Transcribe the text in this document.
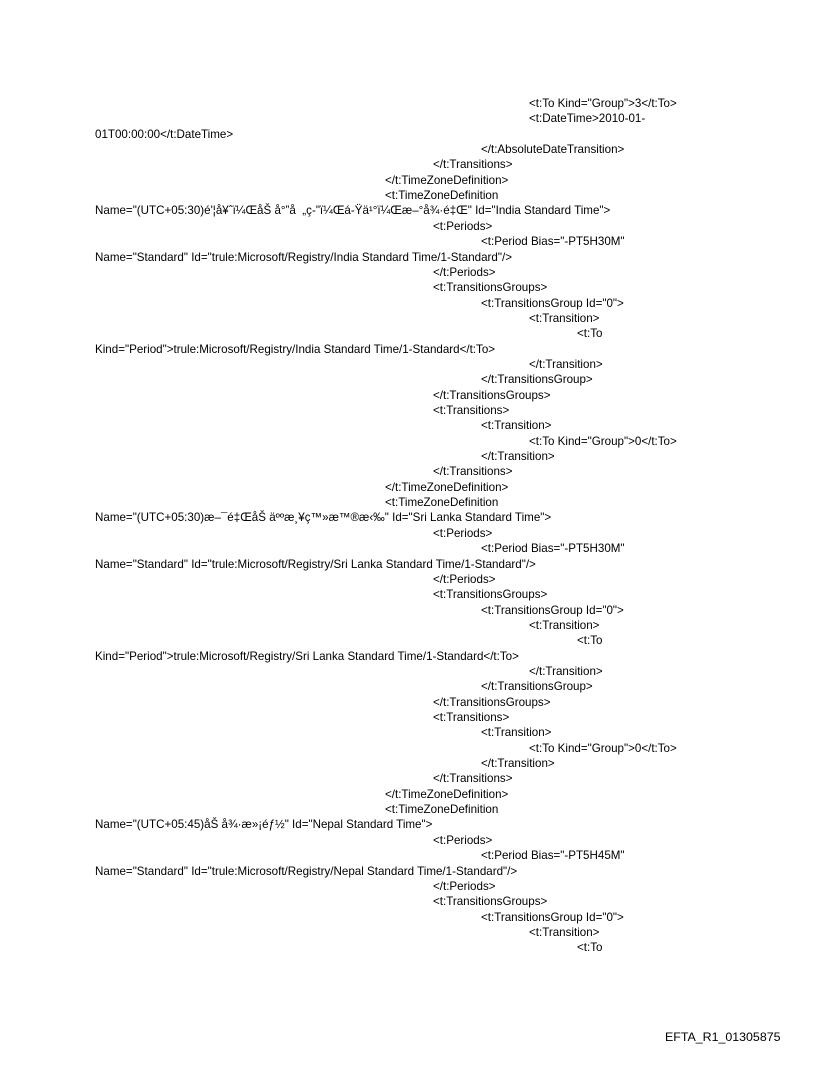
<t:To Kind="Group">3</t:To>
<t:DateTime>2010-01-
01T00:00:00</t:DateTime>
</t:AbsoluteDateTransition>
</t:Transitions>
</t:TimeZoneDefinition>
<t:TimeZoneDefinition
Name="(UTC+05:30)é'¦å¥ˆï¼ŒåŠ å°”å  „ç-"ï¼Œá-Ÿä¹°ï¼Œæ–°å¾·é‡Œ" Id="India Standard Time">
<t:Periods>
<t:Period Bias="-PT5H30M"
Name="Standard" Id="trule:Microsoft/Registry/India Standard Time/1-Standard"/>
</t:Periods>
<t:TransitionsGroups>
<t:TransitionsGroup Id="0">
<t:Transition>
<t:To
Kind="Period">trule:Microsoft/Registry/India Standard Time/1-Standard</t:To>
</t:Transition>
</t:TransitionsGroup>
</t:TransitionsGroups>
<t:Transitions>
<t:Transition>
<t:To Kind="Group">0</t:To>
</t:Transition>
</t:Transitions>
</t:TimeZoneDefinition>
<t:TimeZoneDefinition
Name="(UTC+05:30)æ–¯é‡ŒåŠ äººæ¸¥ç™»æ™®æ‹‰" Id="Sri Lanka Standard Time">
<t:Periods>
<t:Period Bias="-PT5H30M"
Name="Standard" Id="trule:Microsoft/Registry/Sri Lanka Standard Time/1-Standard"/>
</t:Periods>
<t:TransitionsGroups>
<t:TransitionsGroup Id="0">
<t:Transition>
<t:To
Kind="Period">trule:Microsoft/Registry/Sri Lanka Standard Time/1-Standard</t:To>
</t:Transition>
</t:TransitionsGroup>
</t:TransitionsGroups>
<t:Transitions>
<t:Transition>
<t:To Kind="Group">0</t:To>
</t:Transition>
</t:Transitions>
</t:TimeZoneDefinition>
<t:TimeZoneDefinition
Name="(UTC+05:45)åŠ å¾·æ»¡éƒ½" Id="Nepal Standard Time">
<t:Periods>
<t:Period Bias="-PT5H45M"
Name="Standard" Id="trule:Microsoft/Registry/Nepal Standard Time/1-Standard"/>
</t:Periods>
<t:TransitionsGroups>
<t:TransitionsGroup Id="0">
<t:Transition>
<t:To
EFTA_R1_01305875
